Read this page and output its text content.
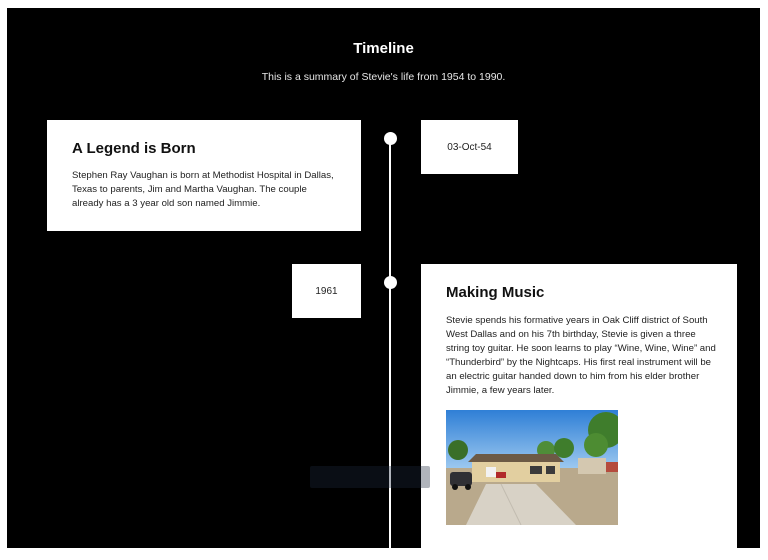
Timeline
This is a summary of Stevie's life from 1954 to 1990.
A Legend is Born

Stephen Ray Vaughan is born at Methodist Hospital in Dallas, Texas to parents, Jim and Martha Vaughan. The couple already has a 3 year old son named Jimmie.

03-Oct-54
1961	Making Music

Stevie spends his formative years in Oak Cliff district of South West Dallas and on his 7th birthday, Stevie is given a three string toy guitar. He soon learns to play “Wine, Wine, Wine” and “Thunderbird” by the Nightcaps. His first real instrument will be an electric guitar handed down to him from his elder brother Jimmie, a few years later.
